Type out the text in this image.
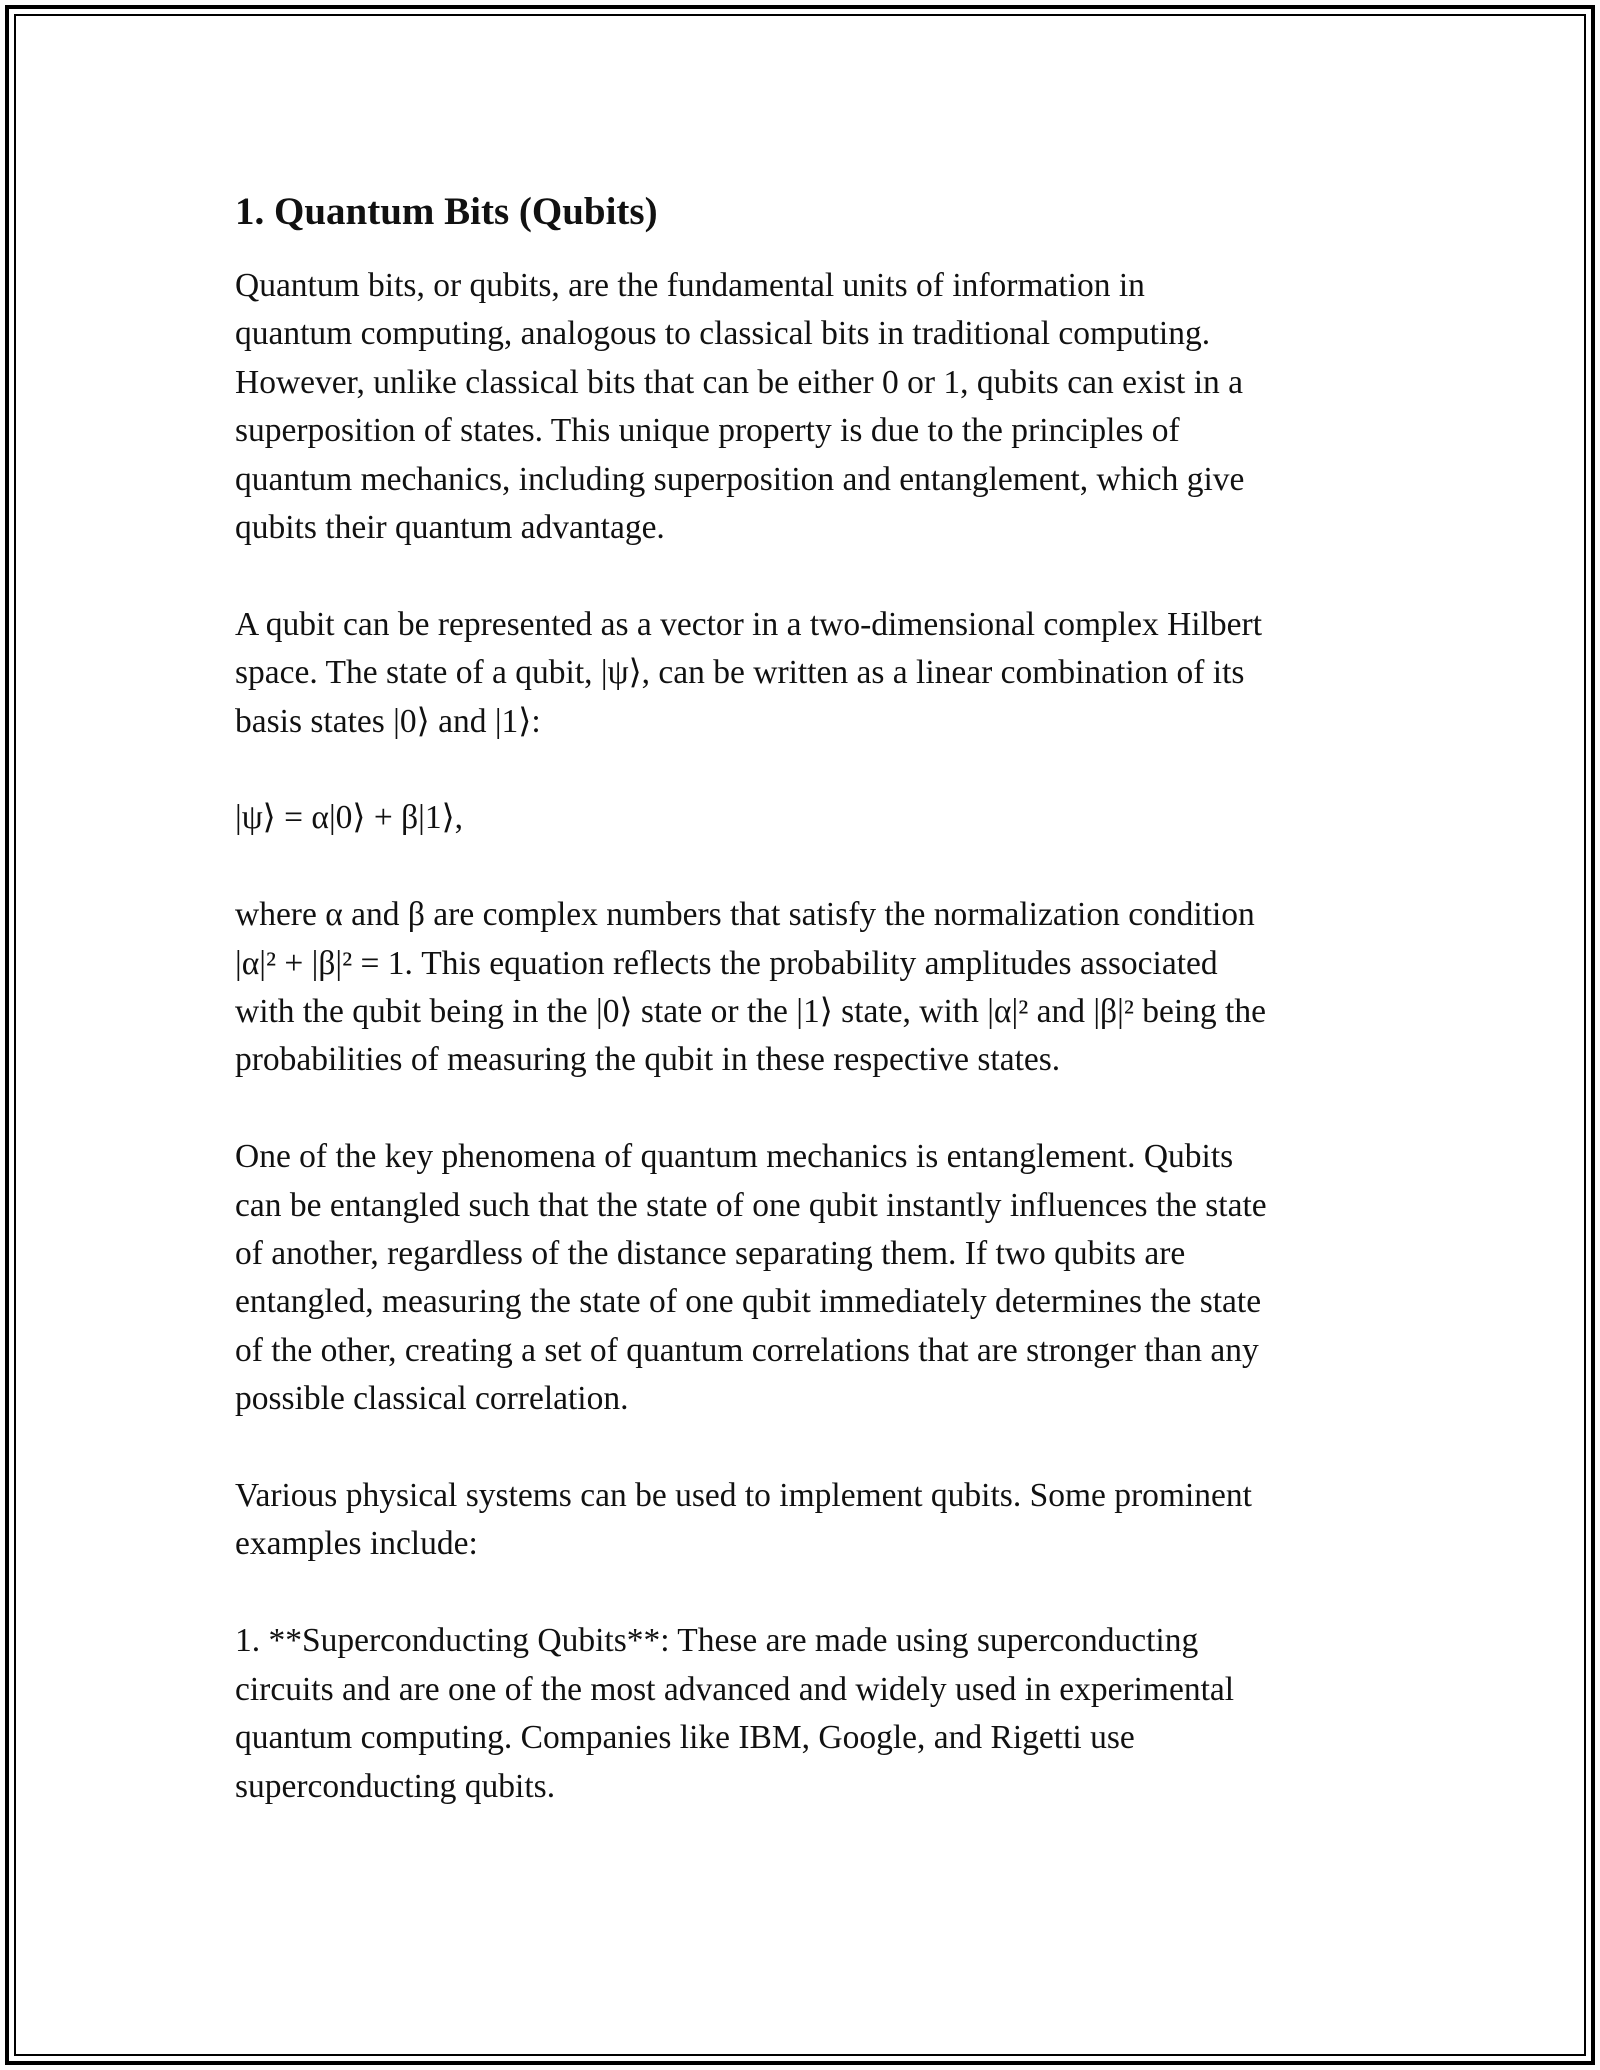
1. Quantum Bits (Qubits)

Quantum bits, or qubits, are the fundamental units of information in
quantum computing, analogous to classical bits in traditional computing.
However, unlike classical bits that can be either 0 or 1, qubits can exist in a
superposition of states. This unique property is due to the principles of
quantum mechanics, including superposition and entanglement, which give
qubits their quantum advantage.

A qubit can be represented as a vector in a two-dimensional complex Hilbert
space. The state of a qubit, |ψ⟩, can be written as a linear combination of its
basis states |0⟩ and |1⟩:

|ψ⟩ = α|0⟩ + β|1⟩,

where α and β are complex numbers that satisfy the normalization condition
|α|² + |β|² = 1. This equation reflects the probability amplitudes associated
with the qubit being in the |0⟩ state or the |1⟩ state, with |α|² and |β|² being the
probabilities of measuring the qubit in these respective states.

One of the key phenomena of quantum mechanics is entanglement. Qubits
can be entangled such that the state of one qubit instantly influences the state
of another, regardless of the distance separating them. If two qubits are
entangled, measuring the state of one qubit immediately determines the state
of the other, creating a set of quantum correlations that are stronger than any
possible classical correlation.

Various physical systems can be used to implement qubits. Some prominent
examples include:

1. **Superconducting Qubits**: These are made using superconducting
circuits and are one of the most advanced and widely used in experimental
quantum computing. Companies like IBM, Google, and Rigetti use
superconducting qubits.
